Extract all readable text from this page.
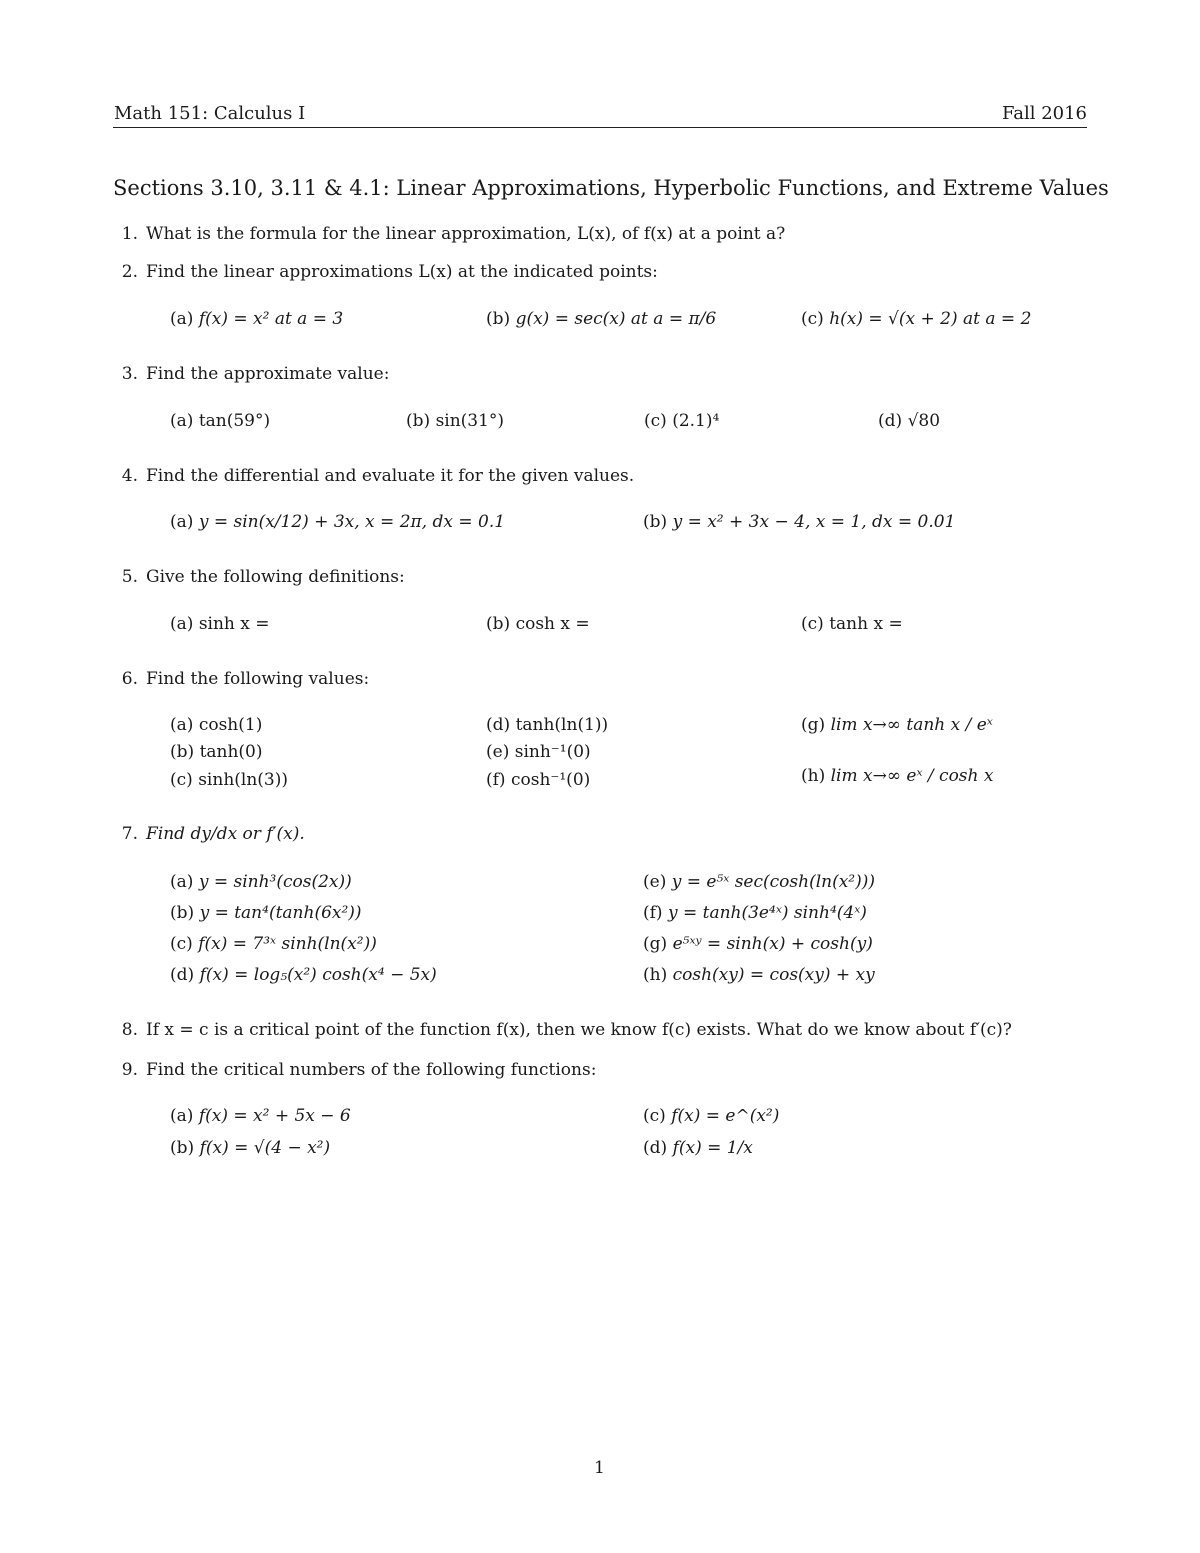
Math 151: Calculus I	Fall 2016
Sections 3.10, 3.11 & 4.1: Linear Approximations, Hyperbolic Functions, and Extreme Values
1. What is the formula for the linear approximation, L(x), of f(x) at a point a?
2. Find the linear approximations L(x) at the indicated points:
(a) f(x) = x² at a = 3	(b) g(x) = sec(x) at a = π/6	(c) h(x) = √(x + 2) at a = 2
3. Find the approximate value:
(a) tan(59°)	(b) sin(31°)	(c) (2.1)⁴	(d) √80
4. Find the differential and evaluate it for the given values.
(a) y = sin(x/12) + 3x, x = 2π, dx = 0.1	(b) y = x² + 3x − 4, x = 1, dx = 0.01
5. Give the following definitions:
(a) sinh x =	(b) cosh x =	(c) tanh x =
6. Find the following values:
(a) cosh(1)
(b) tanh(0)
(c) sinh(ln(3))
(d) tanh(ln(1))
(e) sinh⁻¹(0)
(f) cosh⁻¹(0)
(g) lim x→∞ tanh x / eˣ
(h) lim x→∞ eˣ / cosh x
7. Find dy/dx or f′(x).
(a) y = sinh³(cos(2x))
(b) y = tan⁴(tanh(6x²))
(c) f(x) = 7³ˣ sinh(ln(x²))
(d) f(x) = log₅(x²) cosh(x⁴ − 5x)
(e) y = e⁵ˣ sec(cosh(ln(x²)))
(f) y = tanh(3e⁴ˣ) sinh⁴(4ˣ)
(g) e⁵ˣʸ = sinh(x) + cosh(y)
(h) cosh(xy) = cos(xy) + xy
8. If x = c is a critical point of the function f(x), then we know f(c) exists. What do we know about f′(c)?
9. Find the critical numbers of the following functions:
(a) f(x) = x² + 5x − 6
(b) f(x) = √(4 − x²)
(c) f(x) = e^(x²)
(d) f(x) = 1/x
1
